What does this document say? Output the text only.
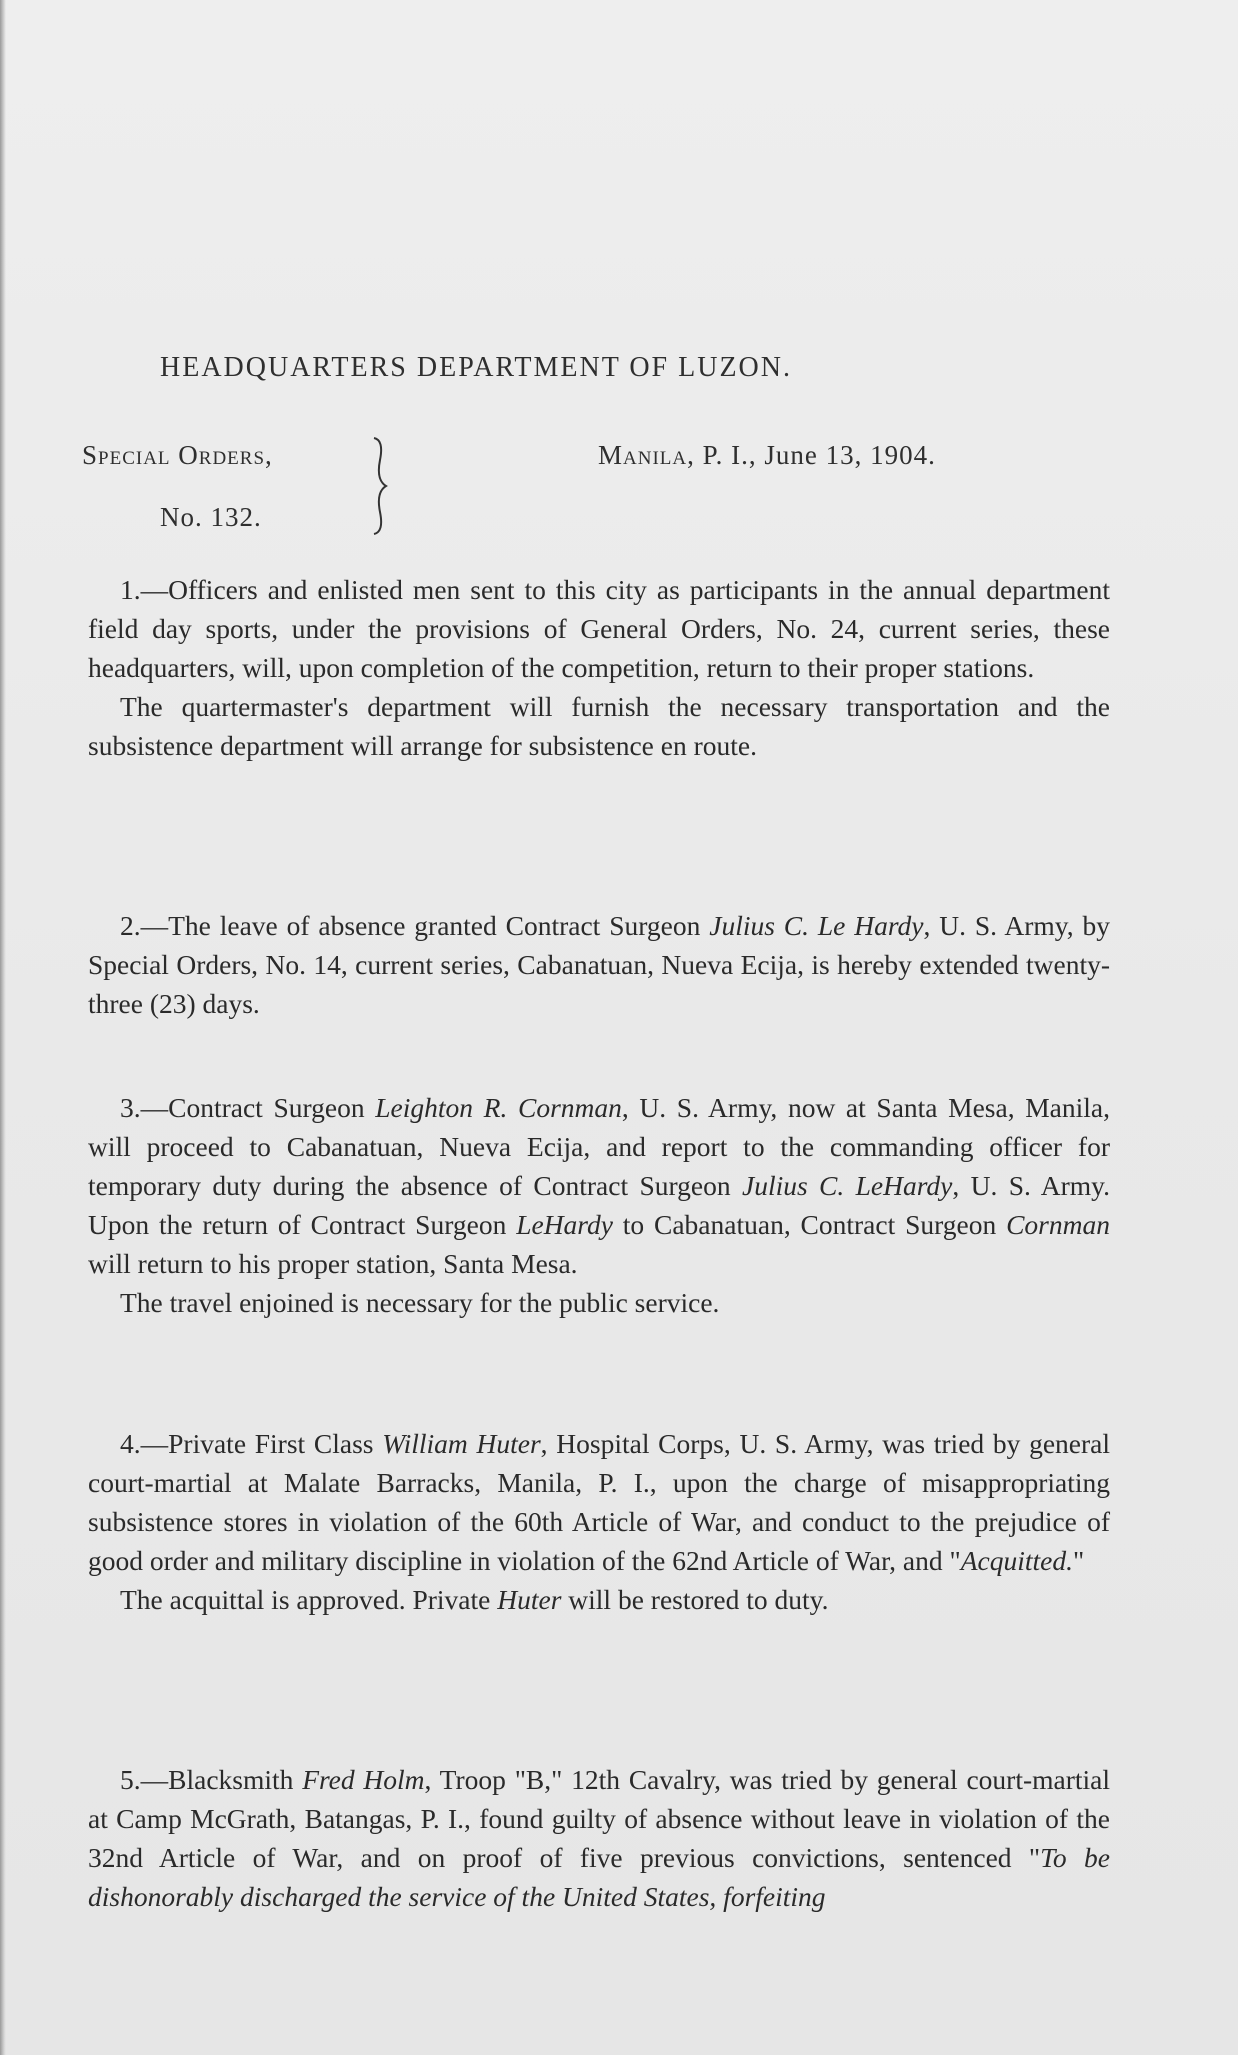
HEADQUARTERS DEPARTMENT OF LUZON.
Special Orders,
No. 132.
Manila, P. I., June 13, 1904.

1.—Officers and enlisted men sent to this city as participants in the annual department field day sports, under the provisions of General Orders, No. 24, current series, these headquarters, will, upon completion of the competition, return to their proper stations.

The quartermaster's department will furnish the necessary transportation and the subsistence department will arrange for subsistence en route.

2.—The leave of absence granted Contract Surgeon Julius C. Le Hardy, U. S. Army, by Special Orders, No. 14, current series, Cabanatuan, Nueva Ecija, is hereby extended twenty-three (23) days.

3.—Contract Surgeon Leighton R. Cornman, U. S. Army, now at Santa Mesa, Manila, will proceed to Cabanatuan, Nueva Ecija, and report to the commanding officer for temporary duty during the absence of Contract Surgeon Julius C. LeHardy, U. S. Army. Upon the return of Contract Surgeon LeHardy to Cabanatuan, Contract Surgeon Cornman will return to his proper station, Santa Mesa.

The travel enjoined is necessary for the public service.

4.—Private First Class William Huter, Hospital Corps, U. S. Army, was tried by general court-martial at Malate Barracks, Manila, P. I., upon the charge of misappropriating subsistence stores in violation of the 60th Article of War, and conduct to the prejudice of good order and military discipline in violation of the 62nd Article of War, and "Acquitted."

The acquittal is approved. Private Huter will be restored to duty.

5.—Blacksmith Fred Holm, Troop "B," 12th Cavalry, was tried by general court-martial at Camp McGrath, Batangas, P. I., found guilty of absence without leave in violation of the 32nd Article of War, and on proof of five previous convictions, sentenced "To be dishonorably discharged the service of the United States, forfeiting
